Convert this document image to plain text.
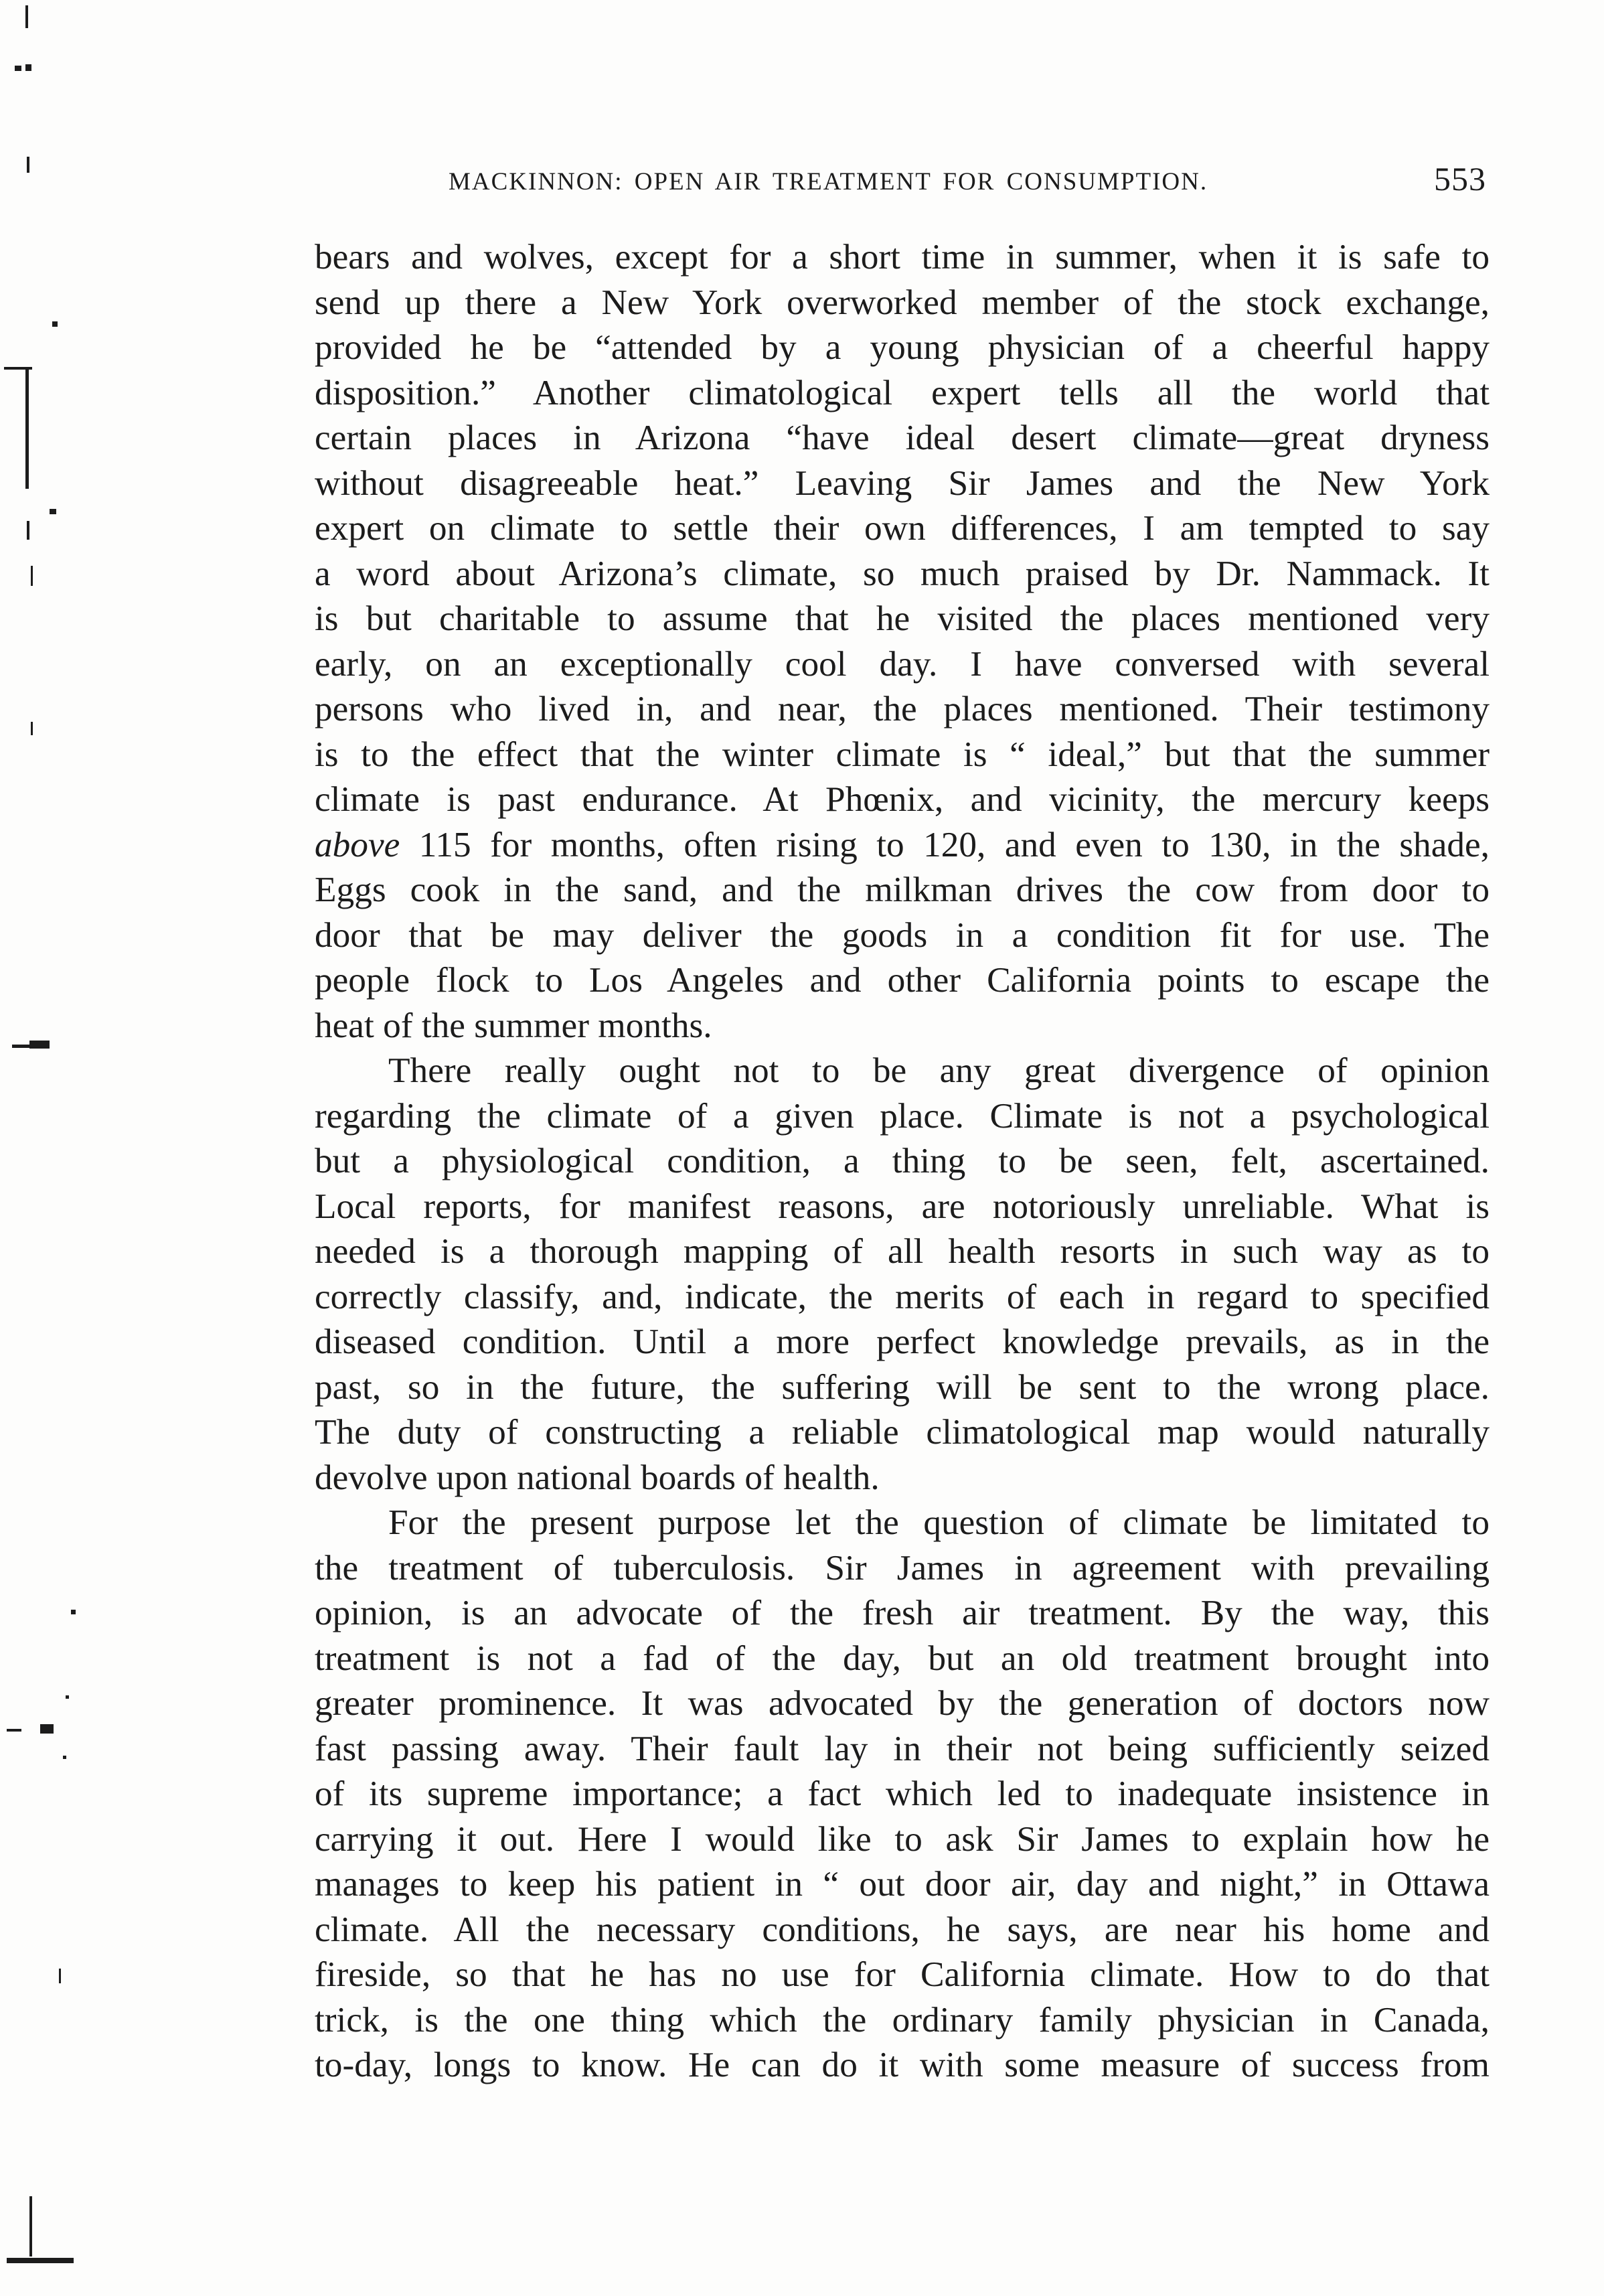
MACKINNON: OPEN AIR TREATMENT FOR CONSUMPTION.	553

bears and wolves, except for a short time in summer, when it is safe to
send up there a New York overworked member of the stock exchange,
provided he be “attended by a young physician of a cheerful happy
disposition.” Another climatological expert tells all the world that
certain places in Arizona “have ideal desert climate—great dryness
without disagreeable heat.” Leaving Sir James and the New York
expert on climate to settle their own differences, I am tempted to say
a word about Arizona’s climate, so much praised by Dr. Nammack. It
is but charitable to assume that he visited the places mentioned very
early, on an exceptionally cool day. I have conversed with several
persons who lived in, and near, the places mentioned. Their testimony
is to the effect that the winter climate is “ ideal,” but that the summer
climate is past endurance. At Phœnix, and vicinity, the mercury keeps
above 115 for months, often rising to 120, and even to 130, in the shade,
Eggs cook in the sand, and the milkman drives the cow from door to
door that be may deliver the goods in a condition fit for use. The
people flock to Los Angeles and other California points to escape the
heat of the summer months.

There really ought not to be any great divergence of opinion
regarding the climate of a given place. Climate is not a psychological
but a physiological condition, a thing to be seen, felt, ascertained.
Local reports, for manifest reasons, are notoriously unreliable. What is
needed is a thorough mapping of all health resorts in such way as to
correctly classify, and, indicate, the merits of each in regard to specified
diseased condition. Until a more perfect knowledge prevails, as in the
past, so in the future, the suffering will be sent to the wrong place.
The duty of constructing a reliable climatological map would naturally
devolve upon national boards of health.

For the present purpose let the question of climate be limitated to
the treatment of tuberculosis. Sir James in agreement with prevailing
opinion, is an advocate of the fresh air treatment. By the way, this
treatment is not a fad of the day, but an old treatment brought into
greater prominence. It was advocated by the generation of doctors now
fast passing away. Their fault lay in their not being sufficiently seized
of its supreme importance; a fact which led to inadequate insistence in
carrying it out. Here I would like to ask Sir James to explain how he
manages to keep his patient in “ out door air, day and night,” in Ottawa
climate. All the necessary conditions, he says, are near his home and
fireside, so that he has no use for California climate. How to do that
trick, is the one thing which the ordinary family physician in Canada,
to-day, longs to know. He can do it with some measure of success from
